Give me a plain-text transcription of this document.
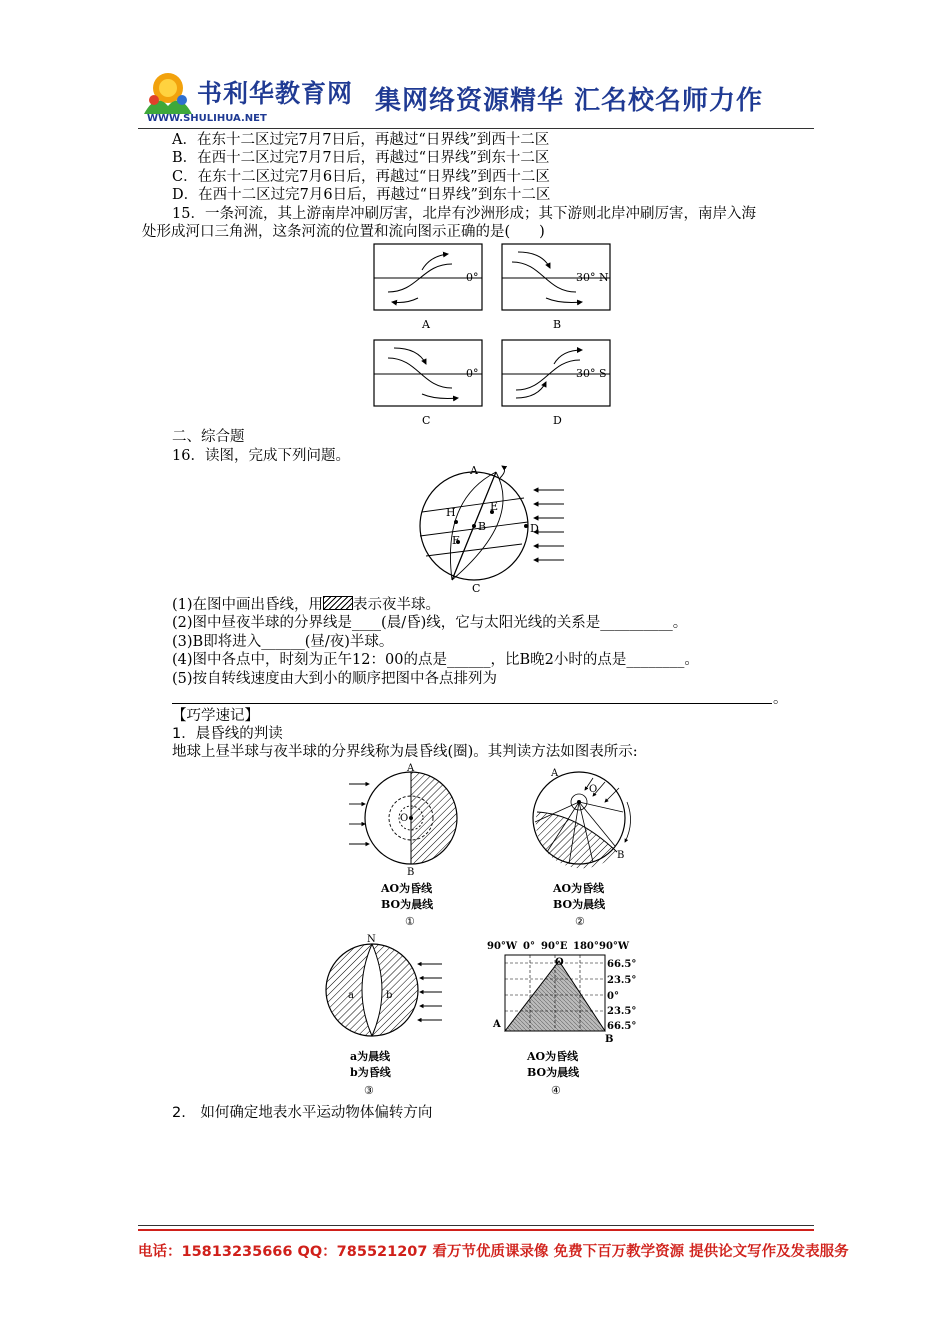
书利华教育网
WWW.SHULIHUA.NET
集网络资源精华 汇名校名师力作
A．在东十二区过完7月7日后，再越过“日界线”到西十二区
B．在西十二区过完7月7日后，再越过“日界线”到东十二区
C．在东十二区过完7月6日后，再越过“日界线”到西十二区
D．在西十二区过完7月6日后，再越过“日界线”到东十二区
15．一条河流，其上游南岸冲刷厉害，北岸有沙洲形成；其下游则北岸冲刷厉害，南岸入海
处形成河口三角洲，这条河流的位置和流向图示正确的是(　　)
0°
A
30° N
B
0°
C
30° S
D
二、综合题
16．读图，完成下列问题。
A
E
H
B	D
F
C
(1)在图中画出昏线，用 表示夜半球。
(2)图中昼夜半球的分界线是____(晨/昏)线，它与太阳光线的关系是__________。
(3)B即将进入______(昼/夜)半球。
(4)图中各点中，时刻为正午12：00的点是______，比B晚2小时的点是________。
(5)按自转线速度由大到小的顺序把图中各点排列为
。
【巧学速记】
1．晨昏线的判读
地球上昼半球与夜半球的分界线称为晨昏线(圈)。其判读方法如图表所示:
A
O
B
AO为昏线
BO为晨线
①
A
O
B
AO为昏线
BO为晨线
②
N
a	b
a为晨线
b为昏线
③
90°W 0° 90°E 180° 90°W
O
A
B
66.5°
23.5°
0°
23.5°
66.5°
AO为昏线
BO为晨线
④
2.　如何确定地表水平运动物体偏转方向
电话：15813235666 QQ：785521207 看万节优质课录像 免费下百万教学资源 提供论文写作及发表服务
